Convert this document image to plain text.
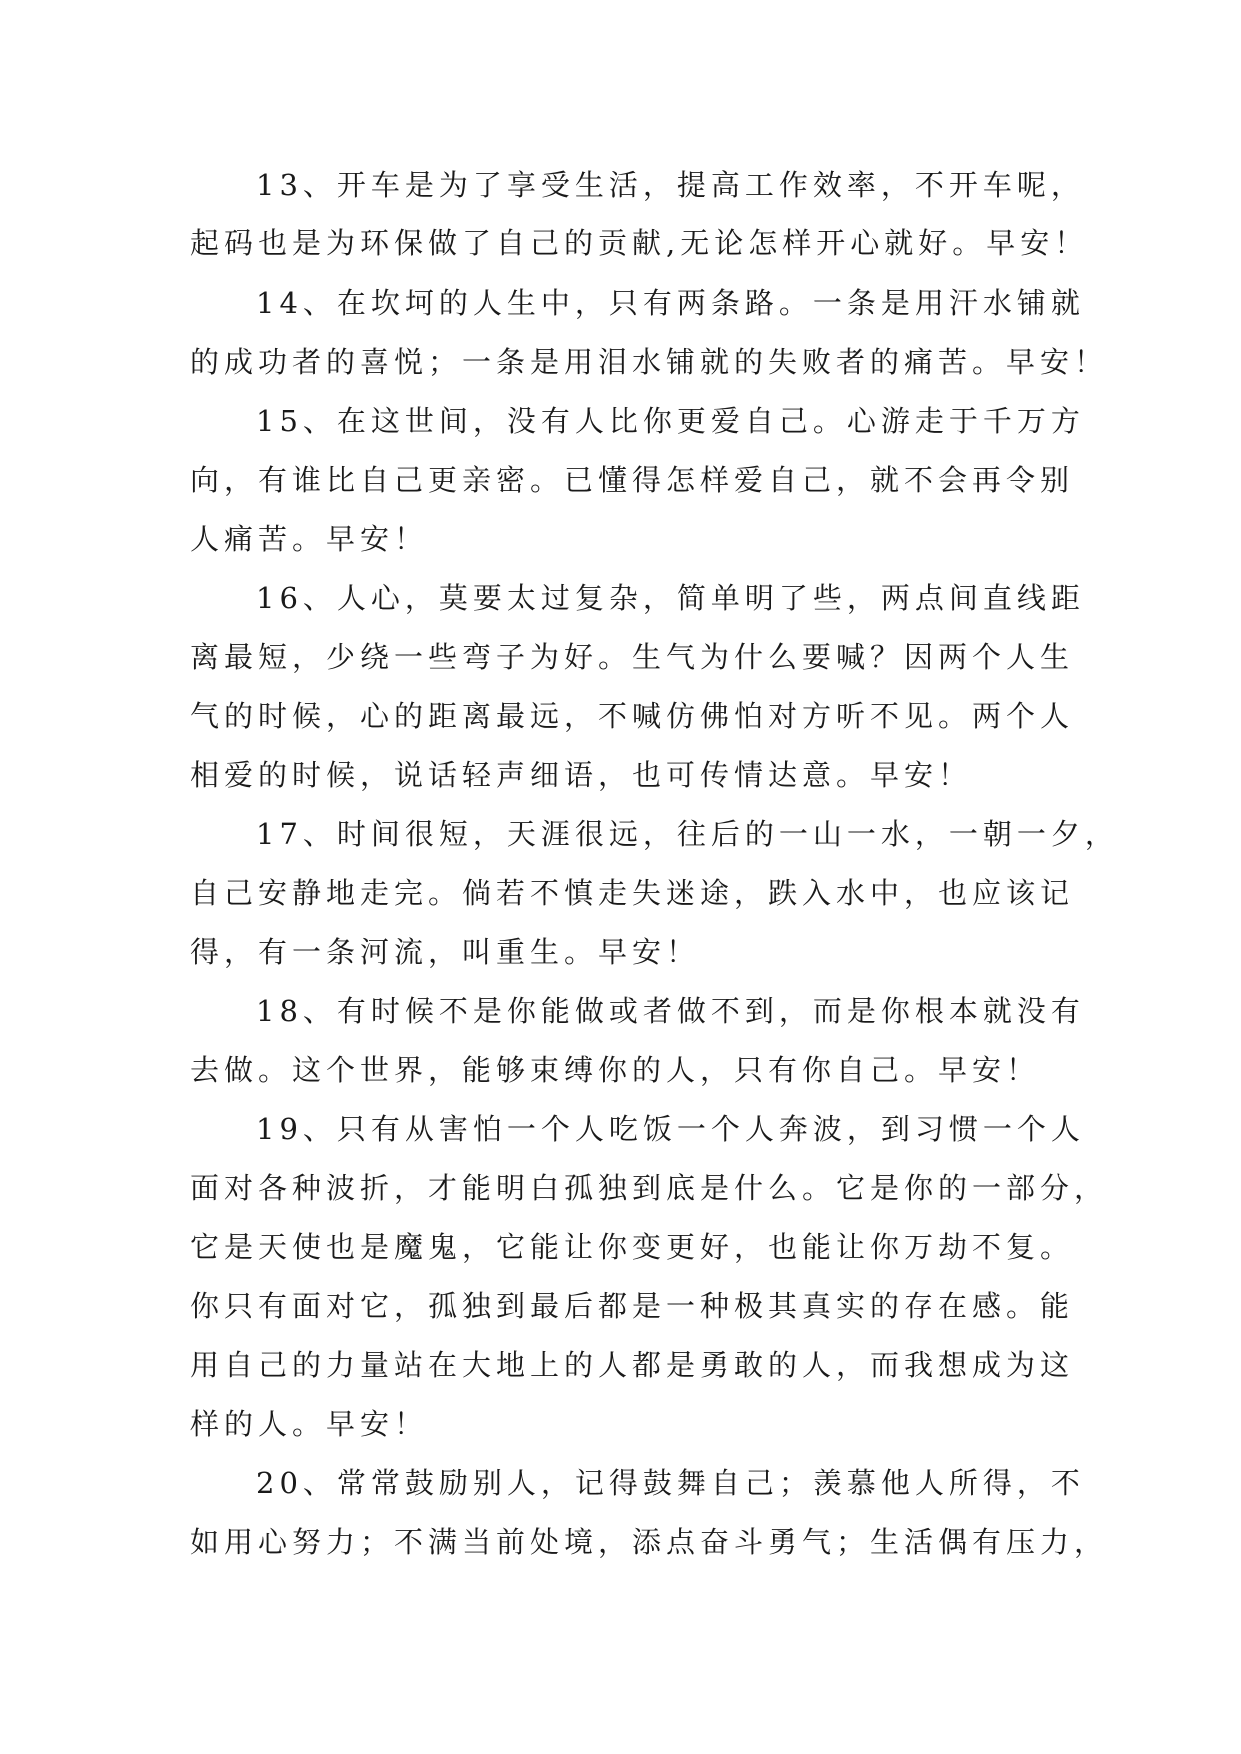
13、开车是为了享受生活，提高工作效率，不开车呢，
起码也是为环保做了自己的贡献,无论怎样开心就好。早安！
14、在坎坷的人生中，只有两条路。一条是用汗水铺就
的成功者的喜悦；一条是用泪水铺就的失败者的痛苦。早安！
15、在这世间，没有人比你更爱自己。心游走于千万方
向，有谁比自己更亲密。已懂得怎样爱自己，就不会再令别
人痛苦。早安！
16、人心，莫要太过复杂，简单明了些，两点间直线距
离最短，少绕一些弯子为好。生气为什么要喊？因两个人生
气的时候，心的距离最远，不喊仿佛怕对方听不见。两个人
相爱的时候，说话轻声细语，也可传情达意。早安！
17、时间很短，天涯很远，往后的一山一水，一朝一夕，
自己安静地走完。倘若不慎走失迷途，跌入水中，也应该记
得，有一条河流，叫重生。早安！
18、有时候不是你能做或者做不到，而是你根本就没有
去做。这个世界，能够束缚你的人，只有你自己。早安！
19、只有从害怕一个人吃饭一个人奔波，到习惯一个人
面对各种波折，才能明白孤独到底是什么。它是你的一部分，
它是天使也是魔鬼，它能让你变更好，也能让你万劫不复。
你只有面对它，孤独到最后都是一种极其真实的存在感。能
用自己的力量站在大地上的人都是勇敢的人，而我想成为这
样的人。早安！
20、常常鼓励别人，记得鼓舞自己；羡慕他人所得，不
如用心努力；不满当前处境，添点奋斗勇气；生活偶有压力，
